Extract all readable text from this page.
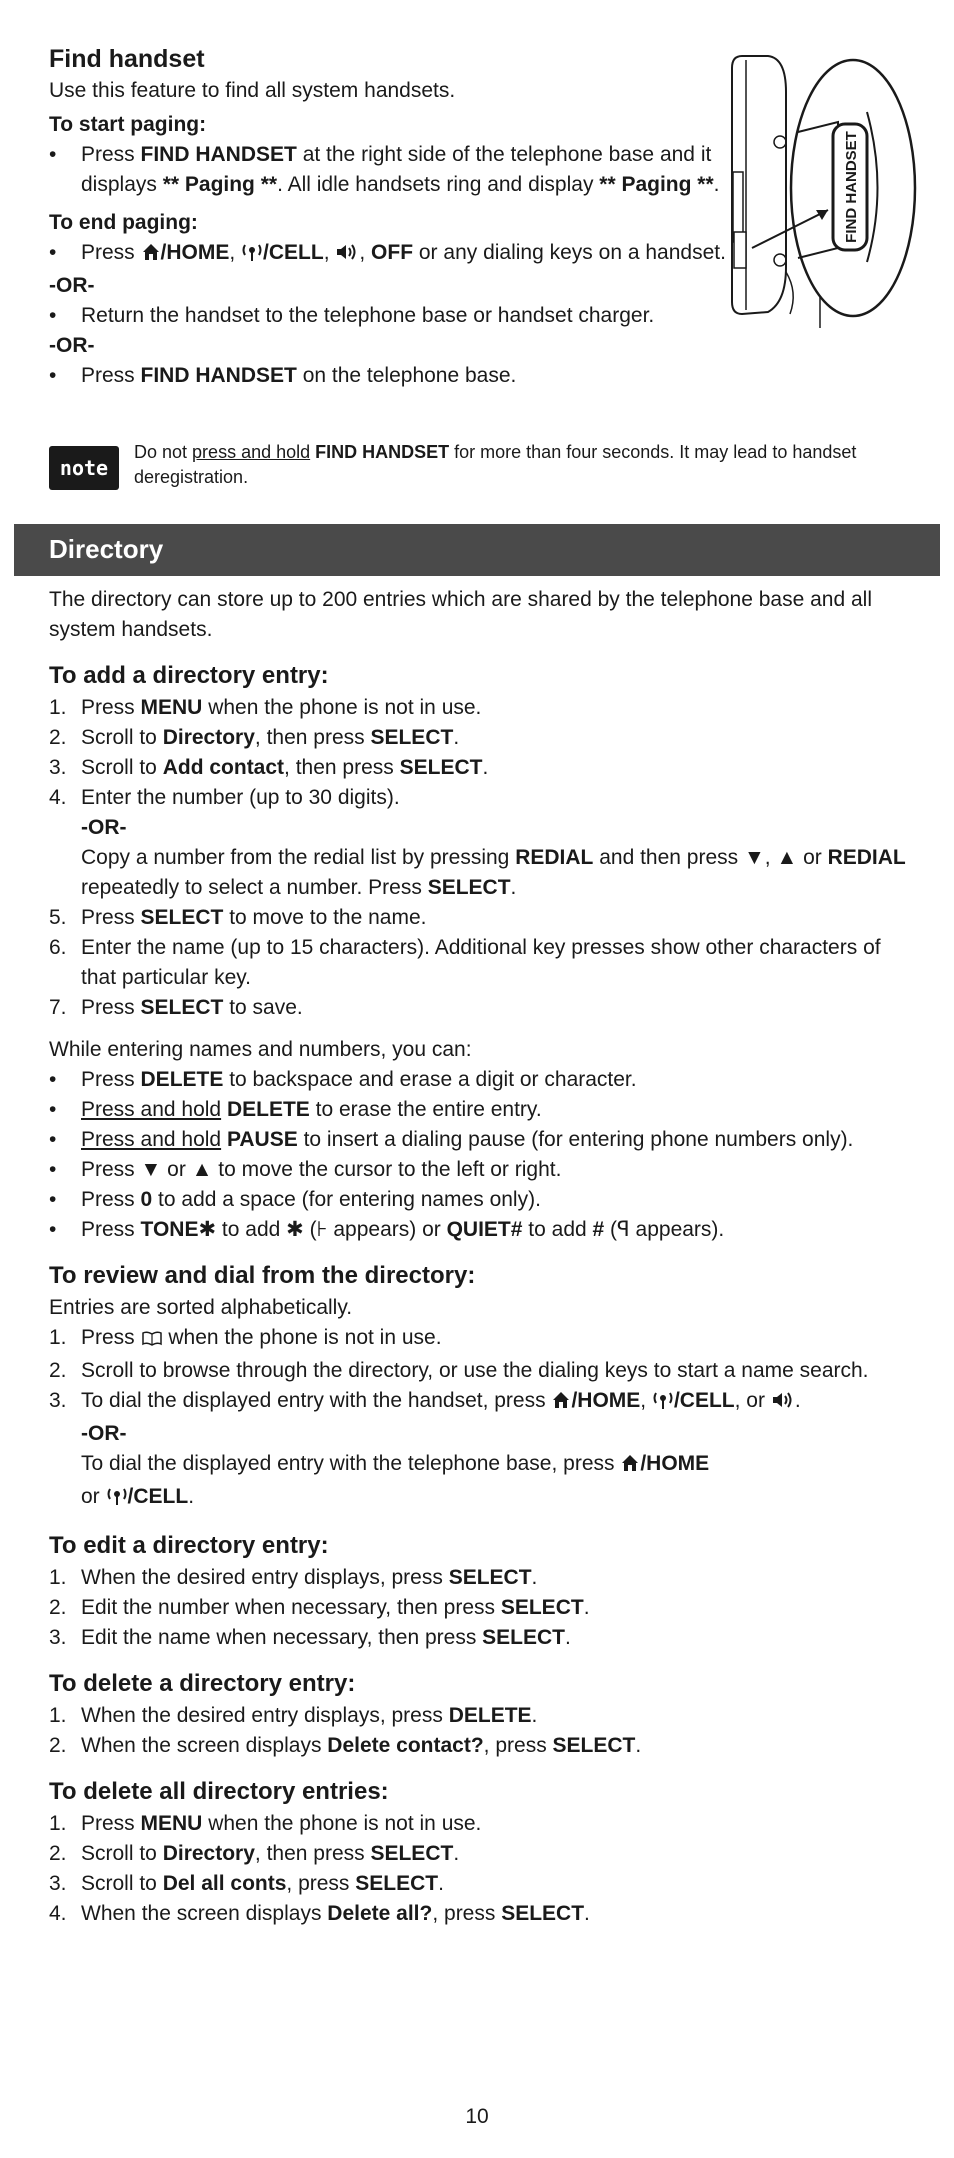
Find handset
Use this feature to find all system handsets.
To start paging:
• Press FIND HANDSET at the right side of the telephone base and it displays ** Paging **. All idle handsets ring and display ** Paging **.
To end paging:
• Press /HOME, /CELL, , OFF or any dialing keys on a handset.
-OR-
• Return the handset to the telephone base or handset charger.
-OR-
• Press FIND HANDSET on the telephone base.
FIND HANDSET
note
Do not press and hold FIND HANDSET for more than four seconds. It may lead to handset deregistration.
Directory
The directory can store up to 200 entries which are shared by the telephone base and all system handsets.
To add a directory entry:
1. Press MENU when the phone is not in use.
2. Scroll to Directory, then press SELECT.
3. Scroll to Add contact, then press SELECT.
4. Enter the number (up to 30 digits).
-OR-
Copy a number from the redial list by pressing REDIAL and then press ▼, ▲ or REDIAL repeatedly to select a number. Press SELECT.
5. Press SELECT to move to the name.
6. Enter the name (up to 15 characters). Additional key presses show other characters of that particular key.
7. Press SELECT to save.
While entering names and numbers, you can:
• Press DELETE to backspace and erase a digit or character.
• Press and hold DELETE to erase the entire entry.
• Press and hold PAUSE to insert a dialing pause (for entering phone numbers only).
• Press ▼ or ▲ to move the cursor to the left or right.
• Press 0 to add a space (for entering names only).
• Press TONE✱ to add ✱ (⊦ appears) or QUIET# to add # (ꟼ appears).
To review and dial from the directory:
Entries are sorted alphabetically.
1. Press  when the phone is not in use.
2. Scroll to browse through the directory, or use the dialing keys to start a name search.
3. To dial the displayed entry with the handset, press /HOME, /CELL, or .
-OR-
To dial the displayed entry with the telephone base, press /HOME
or /CELL.
To edit a directory entry:
1. When the desired entry displays, press SELECT.
2. Edit the number when necessary, then press SELECT.
3. Edit the name when necessary, then press SELECT.
To delete a directory entry:
1. When the desired entry displays, press DELETE.
2. When the screen displays Delete contact?, press SELECT.
To delete all directory entries:
1. Press MENU when the phone is not in use.
2. Scroll to Directory, then press SELECT.
3. Scroll to Del all conts, press SELECT.
4. When the screen displays Delete all?, press SELECT.
10
